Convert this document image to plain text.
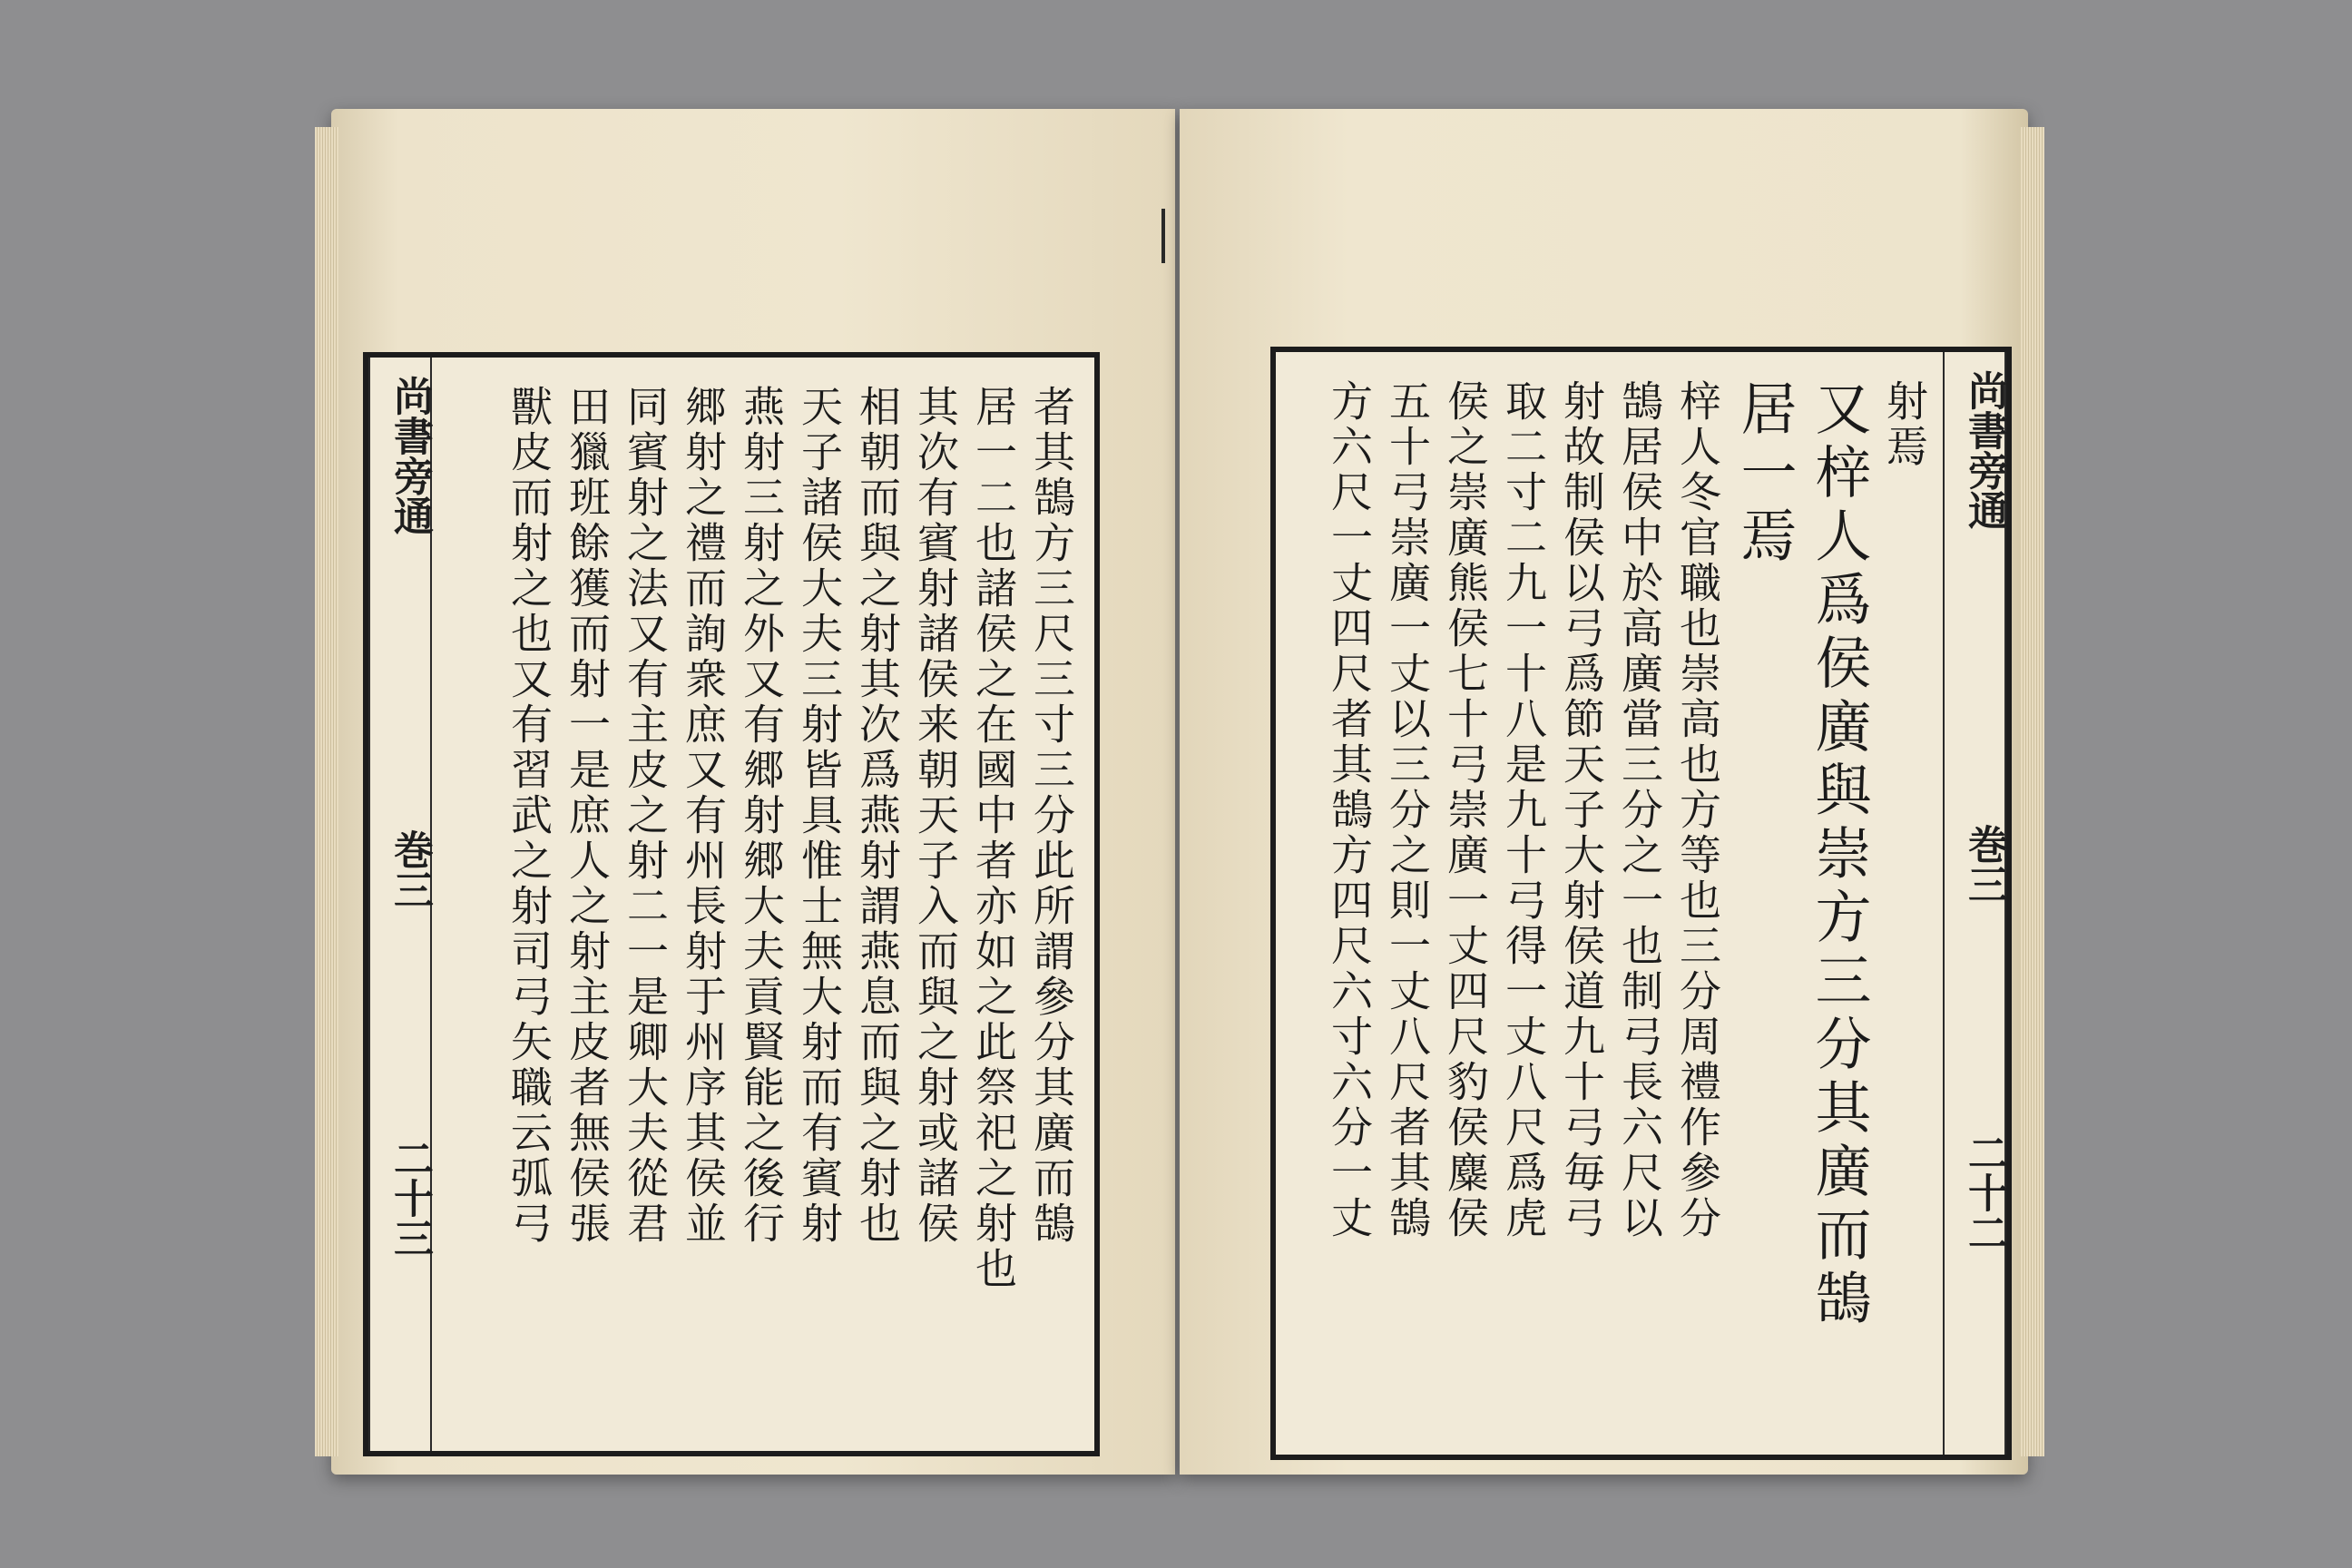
尚書旁通
巻三
二十三	者其鵠方三尺三寸三分此所謂參分其廣而鵠
居一二也諸侯之在國中者亦如之此祭祀之射也
其次有賓射諸侯来朝天子入而與之射或諸侯
相朝而與之射其次爲燕射謂燕息而與之射也
天子諸侯大夫三射皆具惟士無大射而有賓射
燕射三射之外又有郷射郷大夫貢賢能之後行
郷射之禮而詢衆庶又有州長射于州序其侯並
同賓射之法又有主皮之射二一是卿大夫從君
田獵班餘獲而射一是庶人之射主皮者無侯張
獸皮而射之也又有習武之射司弓矢職云弧弓	尚書旁通
巻三
二十二
射焉
又梓人爲侯廣與崇方三分其廣而鵠
居一焉
梓人冬官職也崇高也方等也三分周禮作參分
鵠居侯中於高廣當三分之一也制弓長六尺以
射故制侯以弓爲節天子大射侯道九十弓毎弓
取二寸二九一十八是九十弓得一丈八尺爲虎
侯之崇廣熊侯七十弓崇廣一丈四尺豹侯麋侯
五十弓崇廣一丈以三分之則一丈八尺者其鵠
方六尺一丈四尺者其鵠方四尺六寸六分一丈
